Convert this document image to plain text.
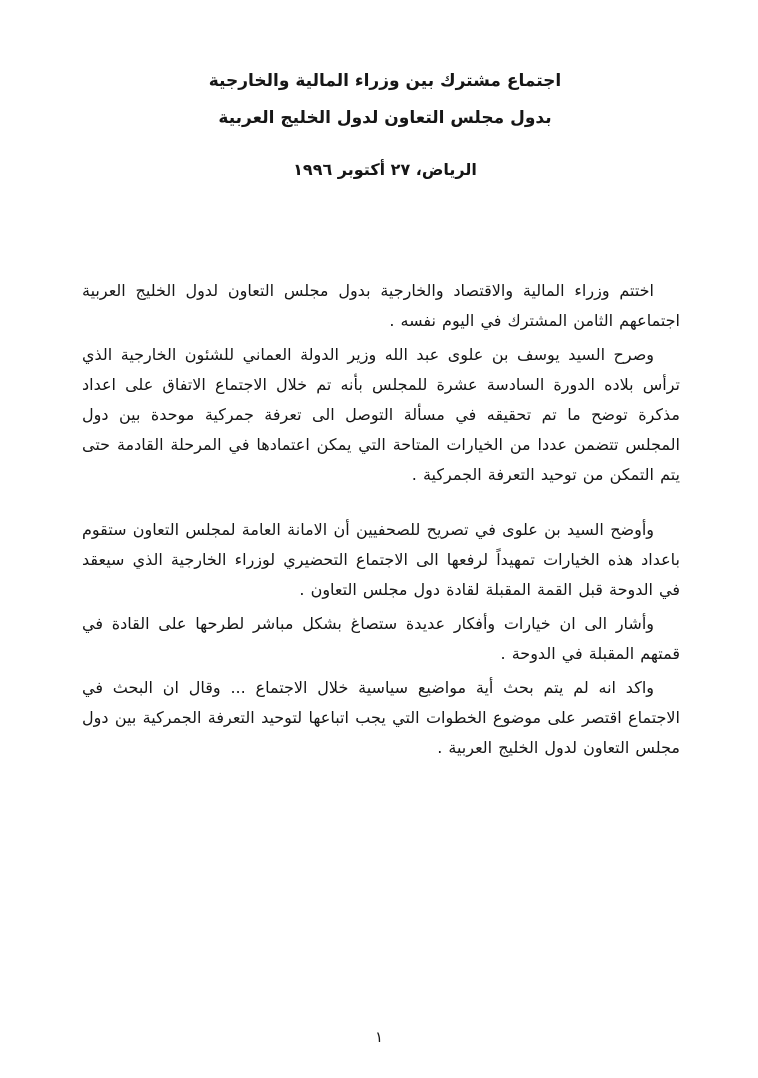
اجتماع مشترك بين وزراء المالية والخارجية
بدول مجلس التعاون لدول الخليج العربية
الرياض، ٢٧ أكتوبر ١٩٩٦

اختتم وزراء المالية والاقتصاد والخارجية بدول مجلس التعاون لدول الخليج العربية اجتماعهم الثامن المشترك في اليوم نفسه .

وصرح السيد يوسف بن علوى عبد الله وزير الدولة العماني للشئون الخارجية الذي ترأس بلاده الدورة السادسة عشرة للمجلس بأنه تم خلال الاجتماع الاتفاق على اعداد مذكرة توضح ما تم تحقيقه في مسألة التوصل الى تعرفة جمركية موحدة بين دول المجلس تتضمن عددا من الخيارات المتاحة التي يمكن اعتمادها في المرحلة القادمة حتى يتم التمكن من توحيد التعرفة الجمركية .

وأوضح السيد بن علوى في تصريح للصحفيين أن الامانة العامة لمجلس التعاون ستقوم باعداد هذه الخيارات تمهيداً لرفعها الى الاجتماع التحضيري لوزراء الخارجية الذي سيعقد في الدوحة قبل القمة المقبلة لقادة دول مجلس التعاون .

وأشار الى ان خيارات وأفكار عديدة ستصاغ بشكل مباشر لطرحها على القادة في قمتهم المقبلة في الدوحة .

واكد انه لم يتم بحث أية مواضيع سياسية خلال الاجتماع ... وقال ان البحث في الاجتماع اقتصر على موضوع الخطوات التي يجب اتباعها لتوحيد التعرفة الجمركية بين دول مجلس التعاون لدول الخليج العربية .

١
